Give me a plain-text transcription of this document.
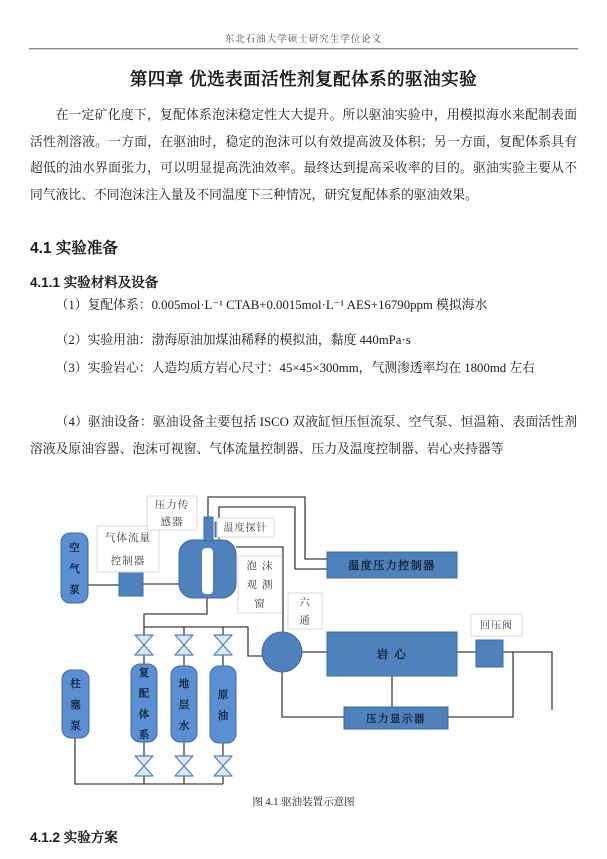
东北石油大学硕士研究生学位论文
第四章 优选表面活性剂复配体系的驱油实验

在一定矿化度下，复配体系泡沫稳定性大大提升。所以驱油实验中，用模拟海水来配制表面活性剂溶液。一方面，在驱油时，稳定的泡沫可以有效提高波及体积；另一方面，复配体系具有超低的油水界面张力，可以明显提高洗油效率。最终达到提高采收率的目的。驱油实验主要从不同气液比、不同泡沫注入量及不同温度下三种情况，研究复配体系的驱油效果。

4.1 实验准备
4.1.1 实验材料及设备

（1）复配体系：0.005mol·L⁻¹ CTAB+0.0015mol·L⁻¹ AES+16790ppm 模拟海水

（2）实验用油：渤海原油加煤油稀释的模拟油，黏度 440mPa·s

（3）实验岩心：人造均质方岩心尺寸：45×45×300mm，气测渗透率均在 1800md 左右

（4）驱油设备：驱油设备主要包括 ISCO 双液缸恒压恒流泵、空气泵、恒温箱、表面活性剂溶液及原油容器、泡沫可视窗、气体流量控制器、压力及温度控制器、岩心夹持器等

温度压力控制器
岩 心
压力显示器
空
气
泵
柱
塞
泵
复
配
体
系
地
层
水
原
油
气体流量
控制器
压力传
感器
温度探针
泡 沫
观 测
窗	六
通	回压阀
图 4.1 驱油装置示意图
4.1.2 实验方案
